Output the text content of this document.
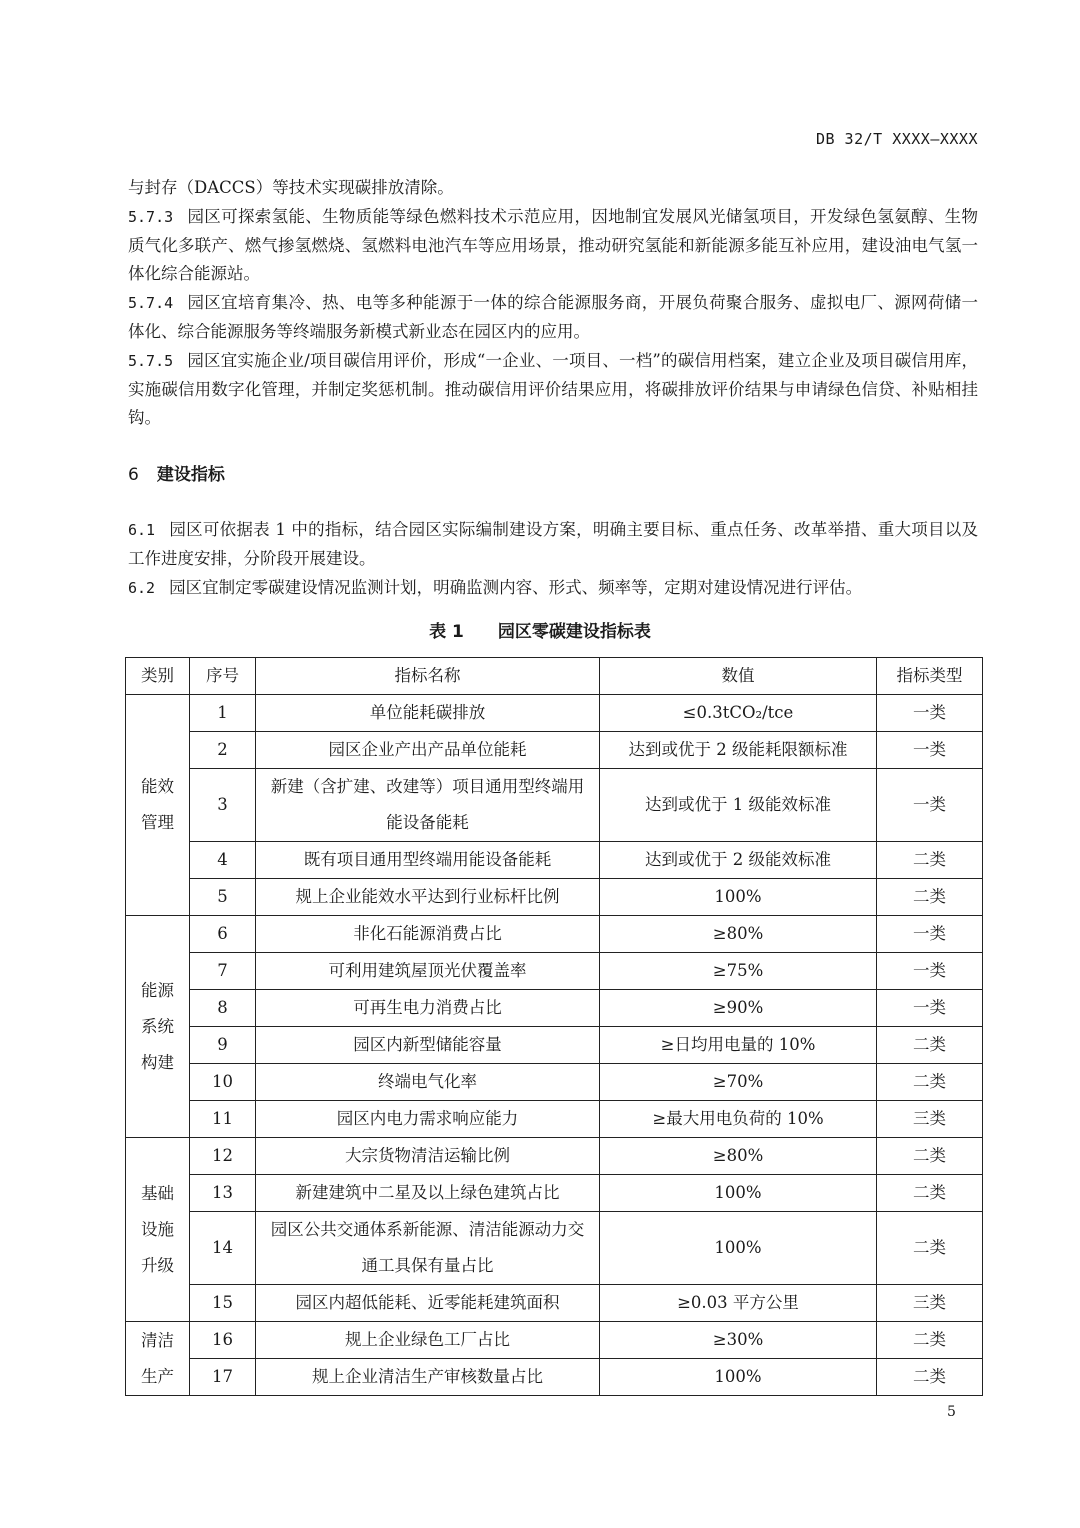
DB 32/T XXXX—XXXX

与封存（DACCS）等技术实现碳排放清除。

5.7.3 园区可探索氢能、生物质能等绿色燃料技术示范应用，因地制宜发展风光储氢项目，开发绿色氢氨醇、生物质气化多联产、燃气掺氢燃烧、氢燃料电池汽车等应用场景，推动研究氢能和新能源多能互补应用，建设油电气氢一体化综合能源站。

5.7.4 园区宜培育集冷、热、电等多种能源于一体的综合能源服务商，开展负荷聚合服务、虚拟电厂、源网荷储一体化、综合能源服务等终端服务新模式新业态在园区内的应用。

5.7.5 园区宜实施企业/项目碳信用评价，形成“一企业、一项目、一档”的碳信用档案，建立企业及项目碳信用库，实施碳信用数字化管理，并制定奖惩机制。推动碳信用评价结果应用，将碳排放评价结果与申请绿色信贷、补贴相挂钩。

6 建设指标

6.1 园区可依据表 1 中的指标，结合园区实际编制建设方案，明确主要目标、重点任务、改革举措、重大项目以及工作进度安排，分阶段开展建设。

6.2 园区宜制定零碳建设情况监测计划，明确监测内容、形式、频率等，定期对建设情况进行评估。

表 1 园区零碳建设指标表
类别	序号	指标名称	数值	指标类型
能效
管理	1	单位能耗碳排放	≤0.3tCO₂/tce	一类
	2	园区企业产出产品单位能耗	达到或优于 2 级能耗限额标准	一类
	3	新建（含扩建、改建等）项目通用型终端用能设备能耗	达到或优于 1 级能效标准	一类
	4	既有项目通用型终端用能设备能耗	达到或优于 2 级能效标准	二类
	5	规上企业能效水平达到行业标杆比例	100%	二类
能源
系统
构建	6	非化石能源消费占比	≥80%	一类
	7	可利用建筑屋顶光伏覆盖率	≥75%	一类
	8	可再生电力消费占比	≥90%	一类
	9	园区内新型储能容量	≥日均用电量的 10%	二类
	10	终端电气化率	≥70%	二类
	11	园区内电力需求响应能力	≥最大用电负荷的 10%	三类
基础
设施
升级	12	大宗货物清洁运输比例	≥80%	二类
	13	新建建筑中二星及以上绿色建筑占比	100%	二类
	14	园区公共交通体系新能源、清洁能源动力交通工具保有量占比	100%	二类
	15	园区内超低能耗、近零能耗建筑面积	≥0.03 平方公里	三类
清洁
生产	16	规上企业绿色工厂占比	≥30%	二类
	17	规上企业清洁生产审核数量占比	100%	二类
5
